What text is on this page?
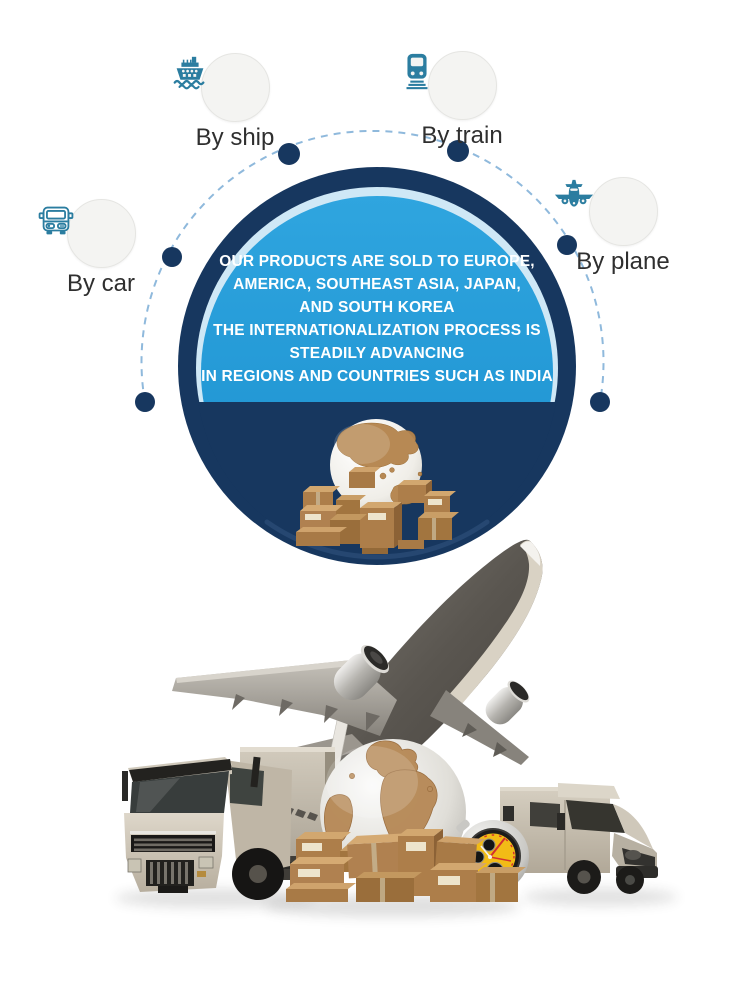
By ship	By train
By car
By plane
OUR PRODUCTS ARE SOLD TO EUROPE,
AMERICA, SOUTHEAST ASIA, JAPAN,
AND SOUTH KOREA
THE INTERNATIONALIZATION PROCESS IS
STEADILY ADVANCING
IN REGIONS AND COUNTRIES SUCH AS INDIA
